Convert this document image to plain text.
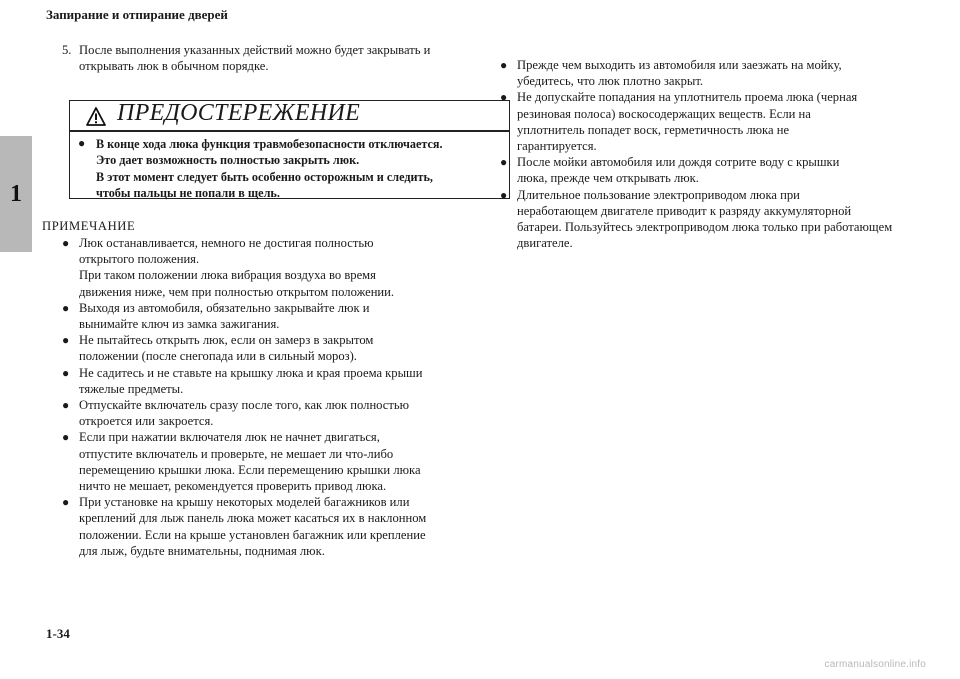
Запирание и отпирание дверей
1
5. После выполнения указанных действий можно будет закрывать и открывать люк в обычном порядке.
ПРЕДОСТЕРЕЖЕНИЕ
● В конце хода люка функция травмобезопасности отключается.
Это дает возможность полностью закрыть люк.
В этот момент следует быть особенно осторожным и следить,
чтобы пальцы не попали в щель.
ПРИМЕЧАНИЕ
● Люк останавливается, немного не достигая полностью

открытого положения.

При таком положении люка вибрация воздуха во время

движения ниже, чем при полностью открытом положении.

● Выходя из автомобиля, обязательно закрывайте люк и

вынимайте ключ из замка зажигания.

● Не пытайтесь открыть люк, если он замерз в закрытом

положении (после снегопада или в сильный мороз).

● Не садитесь и не ставьте на крышку люка и края проема крыши

тяжелые предметы.

● Отпускайте включатель сразу после того, как люк полностью

откроется или закроется.

● Если при нажатии включателя люк не начнет двигаться,

отпустите включатель и проверьте, не мешает ли что-либо

перемещению крышки люка. Если перемещению крышки люка

ничто не мешает, рекомендуется проверить привод люка.

● При установке на крышу некоторых моделей багажников или

креплений для лыж панель люка может касаться их в наклонном

положении. Если на крыше установлен багажник или крепление

для лыж, будьте внимательны, поднимая люк.

● Прежде чем выходить из автомобиля или заезжать на мойку,

убедитесь, что люк плотно закрыт.

● Не допускайте попадания на уплотнитель проема люка (черная

резиновая полоса) воскосодержащих веществ. Если на

уплотнитель попадет воск, герметичность люка не

гарантируется.

● После мойки автомобиля или дождя сотрите воду с крышки

люка, прежде чем открывать люк.

● Длительное пользование электроприводом люка при

неработающем двигателе приводит к разряду аккумуляторной

батареи. Пользуйтесь электроприводом люка только при работающем

двигателе.

1-34
carmanualsonline.info
